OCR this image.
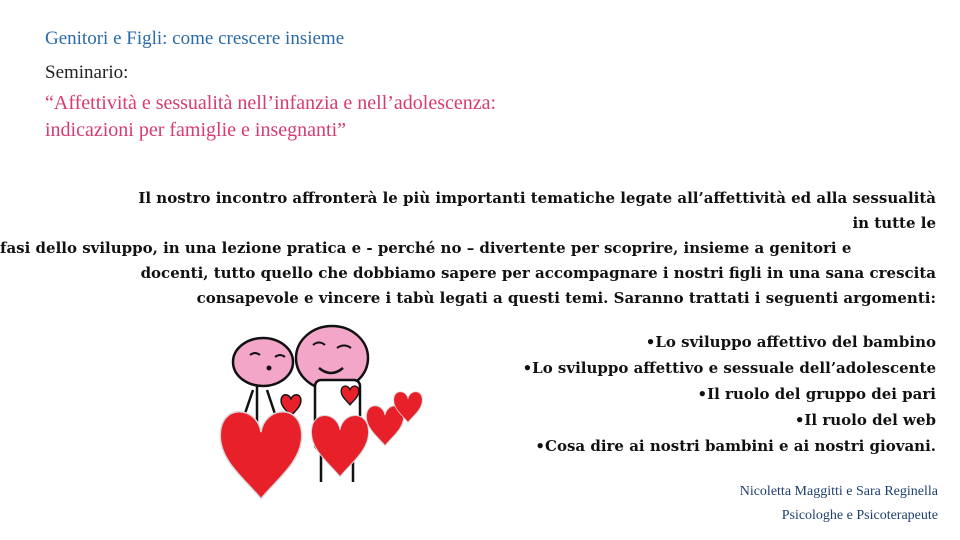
Genitori e Figli: come crescere insieme
Seminario:
“Affettività e sessualità nell’infanzia e nell’adolescenza:
indicazioni per famiglie e insegnanti”
Il nostro incontro affronterà le più importanti tematiche legate all’affettività ed alla sessualità
in tutte le
fasi dello sviluppo, in una lezione pratica e - perché no – divertente per scoprire, insieme a genitori e
docenti, tutto quello che dobbiamo sapere per accompagnare i nostri figli in una sana crescita
consapevole e vincere i tabù legati a questi temi. Saranno trattati i seguenti argomenti:
•Lo sviluppo affettivo del bambino
•Lo sviluppo affettivo e sessuale dell’adolescente
•Il ruolo del gruppo dei pari
•Il ruolo del web
•Cosa dire ai nostri bambini e ai nostri giovani.
Nicoletta Maggitti e Sara Reginella
Psicologhe e Psicoterapeute
